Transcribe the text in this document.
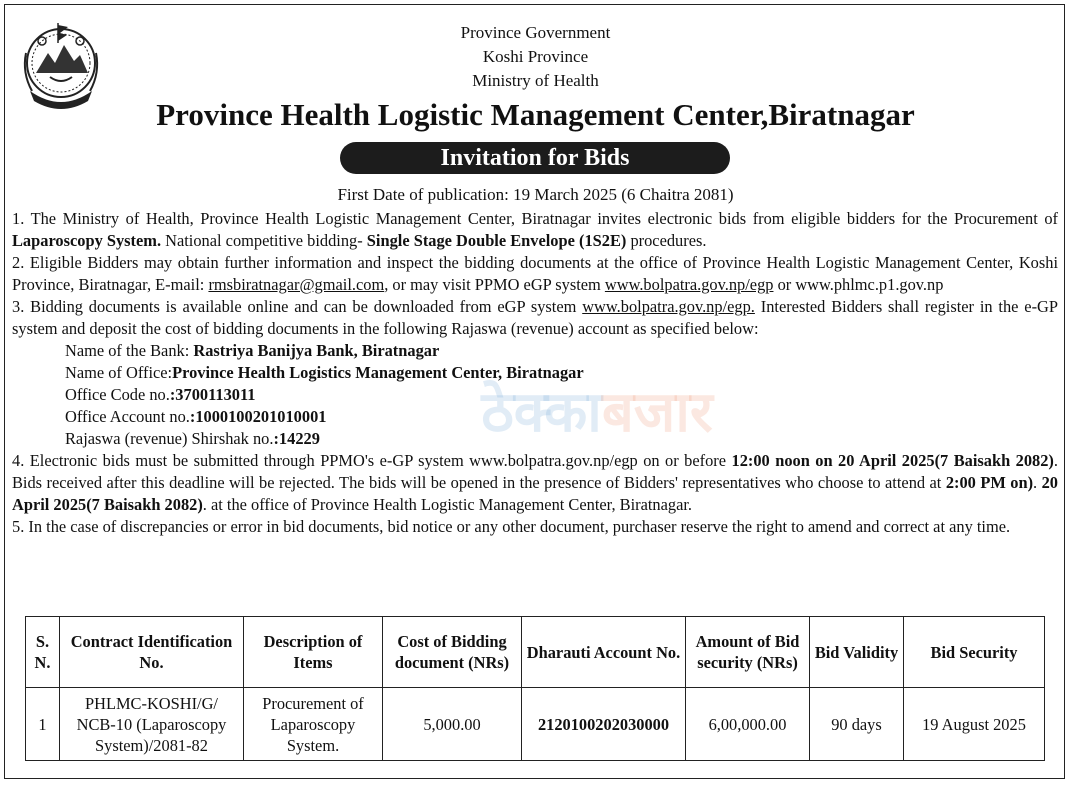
Province Government
Koshi Province
Ministry of Health
Province Health Logistic Management Center,Biratnagar
Invitation for Bids
First Date of publication: 19 March 2025 (6 Chaitra 2081)
ठेक्काबजार
1. The Ministry of Health, Province Health Logistic Management Center, Biratnagar invites electronic bids from eligible bidders for the Procurement of Laparoscopy System. National competitive bidding- Single Stage Double Envelope (1S2E) procedures.
2. Eligible Bidders may obtain further information and inspect the bidding documents at the office of Province Health Logistic Management Center, Koshi Province, Biratnagar, E-mail: rmsbiratnagar@gmail.com, or may visit PPMO eGP system www.bolpatra.gov.np/egp or www.phlmc.p1.gov.np
3. Bidding documents is available online and can be downloaded from eGP system www.bolpatra.gov.np/egp. Interested Bidders shall register in the e-GP system and deposit the cost of bidding documents in the following Rajaswa (revenue) account as specified below:
Name of the Bank: Rastriya Banijya Bank, Biratnagar
Name of Office:Province Health Logistics Management Center, Biratnagar
Office Code no.:3700113011
Office Account no.:1000100201010001
Rajaswa (revenue) Shirshak no.:14229
4. Electronic bids must be submitted through PPMO's e-GP system www.bolpatra.gov.np/egp on or before 12:00 noon on 20 April 2025(7 Baisakh 2082). Bids received after this deadline will be rejected. The bids will be opened in the presence of Bidders' representatives who choose to attend at 2:00 PM on). 20 April 2025(7 Baisakh 2082). at the office of Province Health Logistic Management Center, Biratnagar.
5. In the case of discrepancies or error in bid documents, bid notice or any other document, purchaser reserve the right to amend and correct at any time.
S. N.	Contract Identification No.	Description of Items	Cost of Bidding document (NRs)	Dharauti Account No.	Amount of Bid security (NRs)	Bid Validity	Bid Security
1	PHLMC-KOSHI/G/ NCB-10 (Laparoscopy System)/2081-82	Procurement of Laparoscopy System.	5,000.00	2120100202030000	6,00,000.00	90 days	19 August 2025
